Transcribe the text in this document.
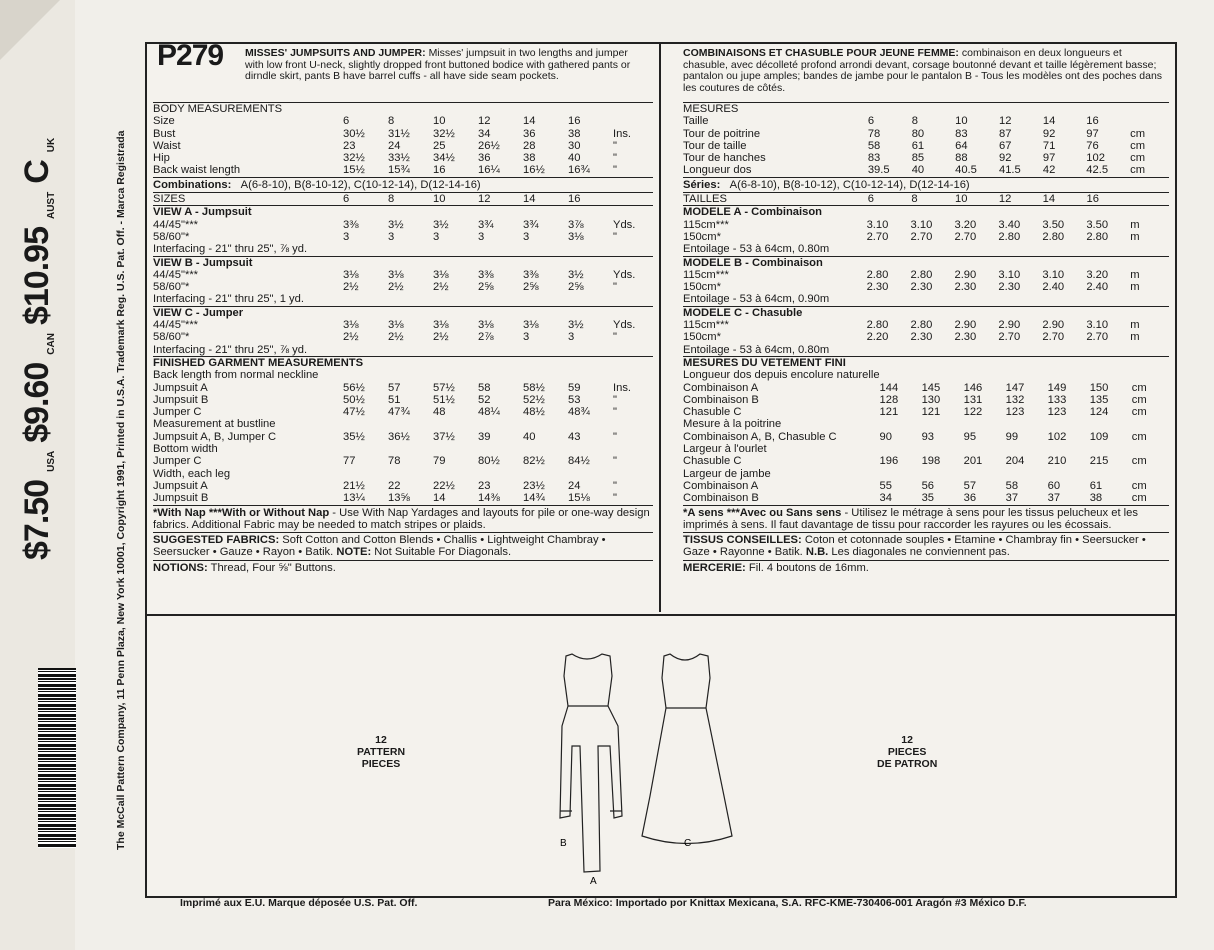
$7.50
USA
$9.60
CAN
$10.95
AUST
C
UK	The McCall Pattern Company, 11 Penn Plaza, New York 10001, Copyright 1991, Printed in U.S.A. Trademark Reg. U.S. Pat. Off. - Marca Registrada
P279 MISSES' JUMPSUITS AND JUMPER: Misses' jumpsuit in two lengths and jumper with low front U-neck, slightly dropped front buttoned bodice with gathered pants or dirndle skirt, pants B have barrel cuffs - all have side seam pockets.
BODY MEASUREMENTS
Size	6	8	10	12	14	16	
Bust	30½	31½	32½	34	36	38	Ins.
Waist	23	24	25	26½	28	30	"
Hip	32½	33½	34½	36	38	40	"
Back waist length	15½	15¾	16	16¼	16½	16¾	"
Combinations: A(6-8-10), B(8-10-12), C(10-12-14), D(12-14-16)
SIZES	6	8	10	12	14	16	
VIEW A - Jumpsuit
44/45"***	3⅜	3½	3½	3¾	3¾	3⅞	Yds.
58/60"*	3	3	3	3	3	3⅛	"
Interfacing - 21" thru 25", ⅞ yd.
VIEW B - Jumpsuit
44/45"***	3⅛	3⅛	3⅛	3⅜	3⅜	3½	Yds.
58/60"*	2½	2½	2½	2⅝	2⅝	2⅝	"
Interfacing - 21" thru 25", 1 yd.
VIEW C - Jumper
44/45"***	3⅛	3⅛	3⅛	3⅛	3⅛	3½	Yds.
58/60"*	2½	2½	2½	2⅞	3	3	"
Interfacing - 21" thru 25", ⅞ yd.
FINISHED GARMENT MEASUREMENTS
Back length from normal neckline							
Jumpsuit A	56½	57	57½	58	58½	59	Ins.
Jumpsuit B	50½	51	51½	52	52½	53	"
Jumper C	47½	47¾	48	48¼	48½	48¾	"
Measurement at bustline							
Jumpsuit A, B, Jumper C	35½	36½	37½	39	40	43	"
Bottom width							
Jumper C	77	78	79	80½	82½	84½	"
Width, each leg							
Jumpsuit A	21½	22	22½	23	23½	24	"
Jumpsuit B	13¼	13⅝	14	14⅜	14¾	15⅛	"
*With Nap ***With or Without Nap - Use With Nap Yardages and layouts for pile or one-way design fabrics. Additional Fabric may be needed to match stripes or plaids.
SUGGESTED FABRICS: Soft Cotton and Cotton Blends • Challis • Lightweight Chambray • Seersucker • Gauze • Rayon • Batik. NOTE: Not Suitable For Diagonals.
NOTIONS: Thread, Four ⅝" Buttons.
COMBINAISONS ET CHASUBLE POUR JEUNE FEMME: combinaison en deux longueurs et chasuble, avec décolleté profond arrondi devant, corsage boutonné devant et taille légèrement basse; pantalon ou jupe amples; bandes de jambe pour le pantalon B - Tous les modèles ont des poches dans les coutures de côtés.
MESURES
Taille	6	8	10	12	14	16	
Tour de poitrine	78	80	83	87	92	97	cm
Tour de taille	58	61	64	67	71	76	cm
Tour de hanches	83	85	88	92	97	102	cm
Longueur dos	39.5	40	40.5	41.5	42	42.5	cm
Séries: A(6-8-10), B(8-10-12), C(10-12-14), D(12-14-16)
TAILLES	6	8	10	12	14	16	
MODELE A - Combinaison
115cm***	3.10	3.10	3.20	3.40	3.50	3.50	m
150cm*	2.70	2.70	2.70	2.80	2.80	2.80	m
Entoilage - 53 à 64cm, 0.80m
MODELE B - Combinaison
115cm***	2.80	2.80	2.90	3.10	3.10	3.20	m
150cm*	2.30	2.30	2.30	2.30	2.40	2.40	m
Entoilage - 53 à 64cm, 0.90m
MODELE C - Chasuble
115cm***	2.80	2.80	2.90	2.90	2.90	3.10	m
150cm*	2.20	2.30	2.30	2.70	2.70	2.70	m
Entoilage - 53 à 64cm, 0.80m
MESURES DU VETEMENT FINI
Longueur dos depuis encolure naturelle							
Combinaison A	144	145	146	147	149	150	cm
Combinaison B	128	130	131	132	133	135	cm
Chasuble C	121	121	122	123	123	124	cm
Mesure à la poitrine							
Combinaison A, B, Chasuble C	90	93	95	99	102	109	cm
Largeur à l'ourlet							
Chasuble C	196	198	201	204	210	215	cm
Largeur de jambe							
Combinaison A	55	56	57	58	60	61	cm
Combinaison B	34	35	36	37	37	38	cm
*A sens ***Avec ou Sans sens - Utilisez le métrage à sens pour les tissus pelucheux et les imprimés à sens. Il faut davantage de tissu pour raccorder les rayures ou les écossais.
TISSUS CONSEILLES: Coton et cotonnade souples • Etamine • Chambray fin • Seersucker • Gaze • Rayonne • Batik. N.B. Les diagonales ne conviennent pas.
MERCERIE: Fil. 4 boutons de 16mm.
12
PATTERN
PIECES
12
PIECES
DE PATRON
B
A
C
Imprimé aux E.U. Marque déposée U.S. Pat. Off.	Para México: Importado por Knittax Mexicana, S.A. RFC-KME-730406-001 Aragón #3 México D.F.
